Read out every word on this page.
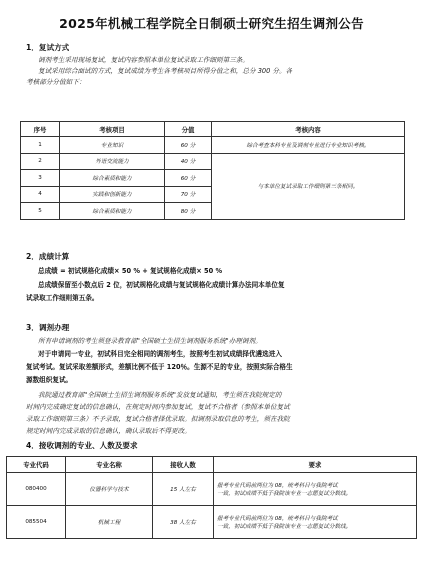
2025年机械工程学院全日制硕士研究生招生调剂公告
1．复试方式
调剂考生采用现场复试，复试内容参照本单位复试录取工作细则第三条。
复试采用综合面试的方式，复试成绩为考生各考核项目所得分值之和，总分 300 分。各
考核部分分值如下：
序号	考核项目	分值	考核内容
1	专业知识	60 分	综合考查本科专业及调剂专业进行专业知识考核。
2	外语交流能力	40 分	与本单位复试录取工作细则第三条相同。
3	综合素质和能力	60 分	
4	实践和创新能力	70 分	
5	综合素质和能力	80 分	
2．成绩计算
总成绩 = 初试规格化成绩× 50 % + 复试规格化成绩× 50 %
总成绩保留至小数点后 2 位，初试规格化成绩与复试规格化成绩计算办法同本单位复
试录取工作细则第五条。
3．调剂办理
所有申请调剂的考生须登录教育部"全国硕士生招生调剂服务系统"办理调剂。
对于申请同一专业，初试科目完全相同的调剂考生，按照考生初试成绩择优遴选进入
复试考试。复试采取差额形式，差额比例不低于 120％。生源不足的专业，按照实际合格生
源数组织复试。
我院通过教育部"全国硕士生招生调剂服务系统"发放复试通知，考生须在我院规定的
时间内完成确定复试的信息确认，在规定时间内参加复试，复试不合格者（参照本单位复试
录取工作细则第三条）不予录取，复试合格者择优录取。拟调剂录取信息的考生，须在我院
规定时间内完成录取的信息确认，确认录取后不得更改。
4．接收调剂的专业、人数及要求
专业代码	专业名称	接收人数	要求
080400	仪器科学与技术	15 人左右	报考专业代码前两位为 08，统考科目与我院考试
一致，初试成绩不低于我院该专业一志愿复试分数线。

085504	机械工程	38 人左右	报考专业代码前两位为 08，统考科目与我院考试
一致，初试成绩不低于我院该专业一志愿复试分数线。
